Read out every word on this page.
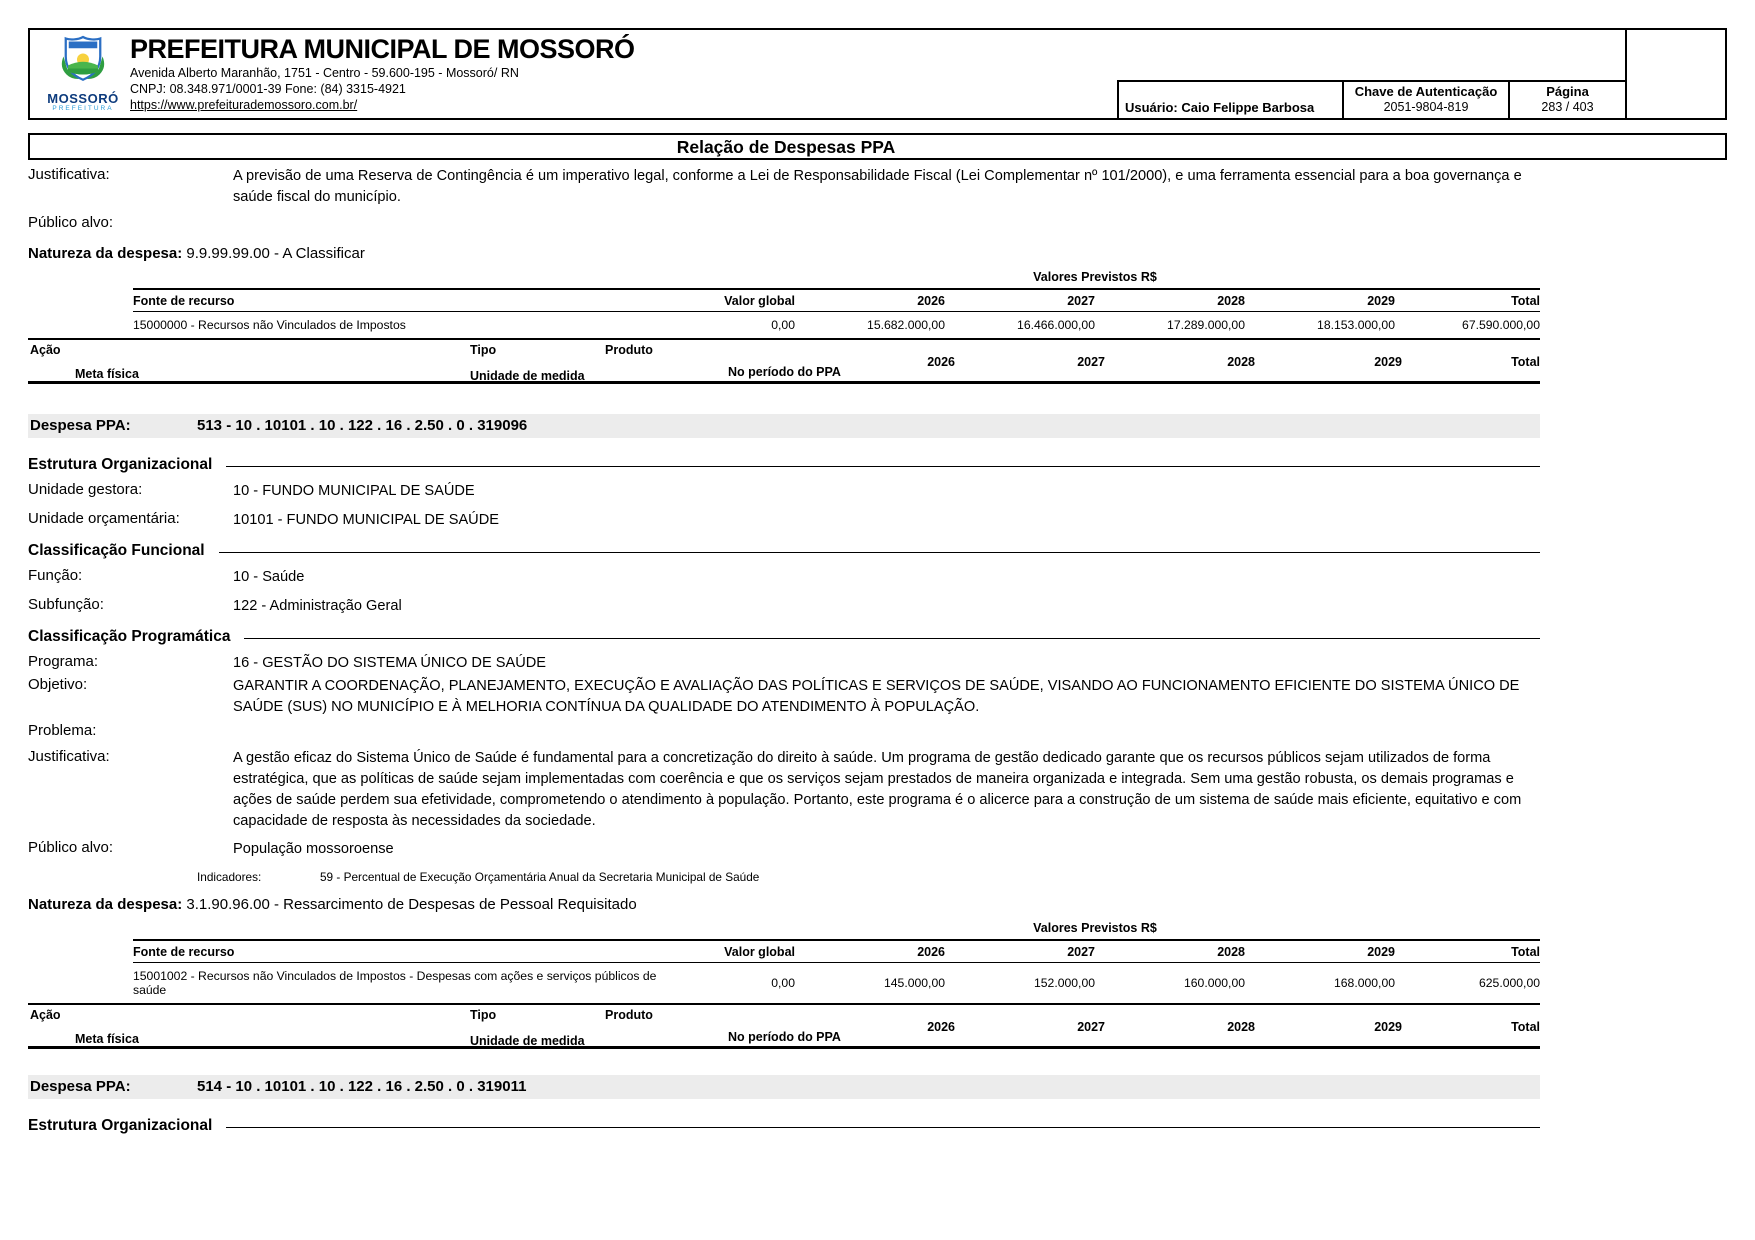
MOSSORÓ
PREFEITURA
PREFEITURA MUNICIPAL DE MOSSORÓ
Avenida Alberto Maranhão, 1751 - Centro - 59.600-195 - Mossoró/ RN
CNPJ: 08.348.971/0001-39 Fone: (84) 3315-4921
https://www.prefeiturademossoro.com.br/	Usuário: Caio Felippe Barbosa
Chave de Autenticação
2051-9804-819
Página
283 / 403
Relação de Despesas PPA
Justificativa:	A previsão de uma Reserva de Contingência é um imperativo legal, conforme a Lei de Responsabilidade Fiscal (Lei Complementar nº 101/2000), e uma ferramenta essencial para a boa governança e saúde fiscal do município.
Público alvo:
Natureza da despesa: 9.9.99.99.00 - A Classificar
Valores Previstos R$
Fonte de recurso	Valor global	2026	2027	2028	2029	Total
15000000 - Recursos não Vinculados de Impostos	0,00	15.682.000,00	16.466.000,00	17.289.000,00	18.153.000,00	67.590.000,00
Ação	Tipo	Produto
Meta física	Unidade de medida	No período do PPA
2026	2027	2028	2029	Total
Despesa PPA:	513 - 10 . 10101 . 10 . 122 . 16 . 2.50 . 0 . 319096
Estrutura Organizacional
Unidade gestora:	10 - FUNDO MUNICIPAL DE SAÚDE
Unidade orçamentária:	10101 - FUNDO MUNICIPAL DE SAÚDE
Classificação Funcional
Função:	10 - Saúde
Subfunção:	122 - Administração Geral
Classificação Programática
Programa:	16 - GESTÃO DO SISTEMA ÚNICO DE SAÚDE
Objetivo:	GARANTIR A COORDENAÇÃO, PLANEJAMENTO, EXECUÇÃO E AVALIAÇÃO DAS POLÍTICAS E SERVIÇOS DE SAÚDE, VISANDO AO FUNCIONAMENTO EFICIENTE DO SISTEMA ÚNICO DE SAÚDE (SUS) NO MUNICÍPIO E À MELHORIA CONTÍNUA DA QUALIDADE DO ATENDIMENTO À POPULAÇÃO.
Problema:
Justificativa:	A gestão eficaz do Sistema Único de Saúde é fundamental para a concretização do direito à saúde. Um programa de gestão dedicado garante que os recursos públicos sejam utilizados de forma estratégica, que as políticas de saúde sejam implementadas com coerência e que os serviços sejam prestados de maneira organizada e integrada. Sem uma gestão robusta, os demais programas e ações de saúde perdem sua efetividade, comprometendo o atendimento à população. Portanto, este programa é o alicerce para a construção de um sistema de saúde mais eficiente, equitativo e com capacidade de resposta às necessidades da sociedade.
Público alvo:	População mossoroense
Indicadores:	59 - Percentual de Execução Orçamentária Anual da Secretaria Municipal de Saúde
Natureza da despesa: 3.1.90.96.00 - Ressarcimento de Despesas de Pessoal Requisitado
Valores Previstos R$
Fonte de recurso	Valor global	2026	2027	2028	2029	Total
15001002 - Recursos não Vinculados de Impostos - Despesas com ações e serviços públicos de saúde	0,00	145.000,00	152.000,00	160.000,00	168.000,00	625.000,00
Ação	Tipo	Produto
Meta física	Unidade de medida	No período do PPA
2026	2027	2028	2029	Total
Despesa PPA:	514 - 10 . 10101 . 10 . 122 . 16 . 2.50 . 0 . 319011
Estrutura Organizacional
